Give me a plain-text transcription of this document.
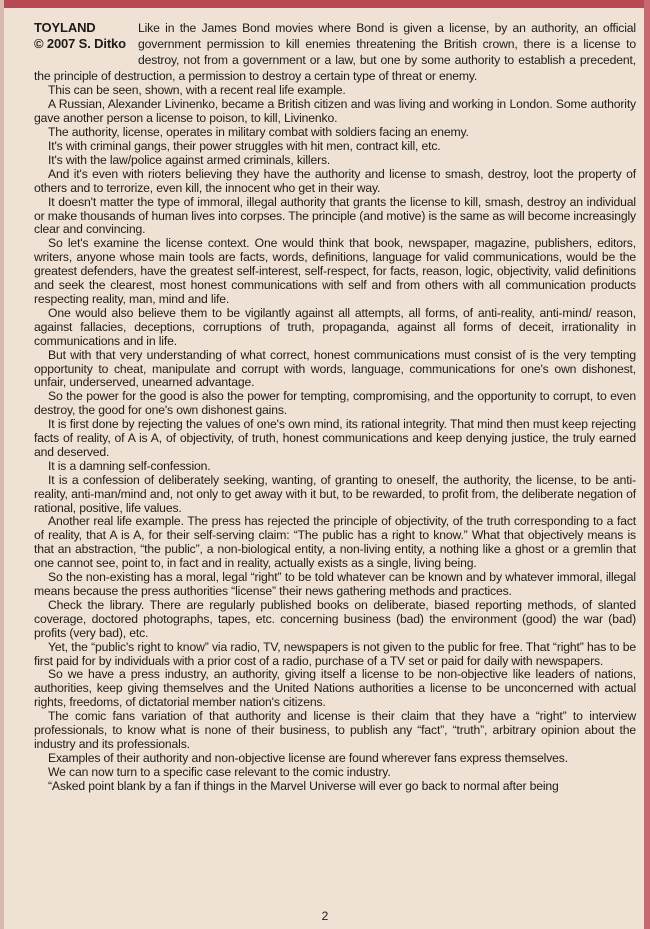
TOYLAND
© 2007 S. Ditko

Like in the James Bond movies where Bond is given a license, by an authority, an official government permission to kill enemies threatening the British crown, there is a license to destroy, not from a government or a law, but one by some authority to establish a precedent, the principle of destruction, a permission to destroy a certain type of threat or enemy.

This can be seen, shown, with a recent real life example.

A Russian, Alexander Livinenko, became a British citizen and was living and working in London. Some authority gave another person a license to poison, to kill, Livinenko.

The authority, license, operates in military combat with soldiers facing an enemy.

It's with criminal gangs, their power struggles with hit men, contract kill, etc.

It's with the law/police against armed criminals, killers.

And it's even with rioters believing they have the authority and license to smash, destroy, loot the property of others and to terrorize, even kill, the innocent who get in their way.

It doesn't matter the type of immoral, illegal authority that grants the license to kill, smash, destroy an individual or make thousands of human lives into corpses. The principle (and motive) is the same as will become increasingly clear and convincing.

So let's examine the license context. One would think that book, newspaper, magazine, publishers, editors, writers, anyone whose main tools are facts, words, definitions, language for valid communications, would be the greatest defenders, have the greatest self-interest, self-respect, for facts, reason, logic, objectivity, valid definitions and seek the clearest, most honest communications with self and from others with all communication products respecting reality, man, mind and life.

One would also believe them to be vigilantly against all attempts, all forms, of anti-reality, anti-mind/ reason, against fallacies, deceptions, corruptions of truth, propaganda, against all forms of deceit, irrationality in communications and in life.

But with that very understanding of what correct, honest communications must consist of is the very tempting opportunity to cheat, manipulate and corrupt with words, language, communications for one's own dishonest, unfair, underserved, unearned advantage.

So the power for the good is also the power for tempting, compromising, and the opportunity to corrupt, to even destroy, the good for one's own dishonest gains.

It is first done by rejecting the values of one's own mind, its rational integrity. That mind then must keep rejecting facts of reality, of A is A, of objectivity, of truth, honest communications and keep denying justice, the truly earned and deserved.

It is a damning self-confession.

It is a confession of deliberately seeking, wanting, of granting to oneself, the authority, the license, to be anti-reality, anti-man/mind and, not only to get away with it but, to be rewarded, to profit from, the deliberate negation of rational, positive, life values.

Another real life example. The press has rejected the principle of objectivity, of the truth corresponding to a fact of reality, that A is A, for their self-serving claim: “The public has a right to know.” What that objectively means is that an abstraction, “the public”, a non-biological entity, a non-living entity, a nothing like a ghost or a gremlin that one cannot see, point to, in fact and in reality, actually exists as a single, living being.

So the non-existing has a moral, legal “right” to be told whatever can be known and by whatever immoral, illegal means because the press authorities “license” their news gathering methods and practices.

Check the library. There are regularly published books on deliberate, biased reporting methods, of slanted coverage, doctored photographs, tapes, etc. concerning business (bad) the environment (good) the war (bad) profits (very bad), etc.

Yet, the “public's right to know” via radio, TV, newspapers is not given to the public for free. That “right” has to be first paid for by individuals with a prior cost of a radio, purchase of a TV set or paid for daily with newspapers.

So we have a press industry, an authority, giving itself a license to be non-objective like leaders of nations, authorities, keep giving themselves and the United Nations authorities a license to be unconcerned with actual rights, freedoms, of dictatorial member nation's citizens.

The comic fans variation of that authority and license is their claim that they have a “right” to interview professionals, to know what is none of their business, to publish any “fact”, “truth”, arbitrary opinion about the industry and its professionals.

Examples of their authority and non-objective license are found wherever fans express themselves.

We can now turn to a specific case relevant to the comic industry.

“Asked point blank by a fan if things in the Marvel Universe will ever go back to normal after being

2
